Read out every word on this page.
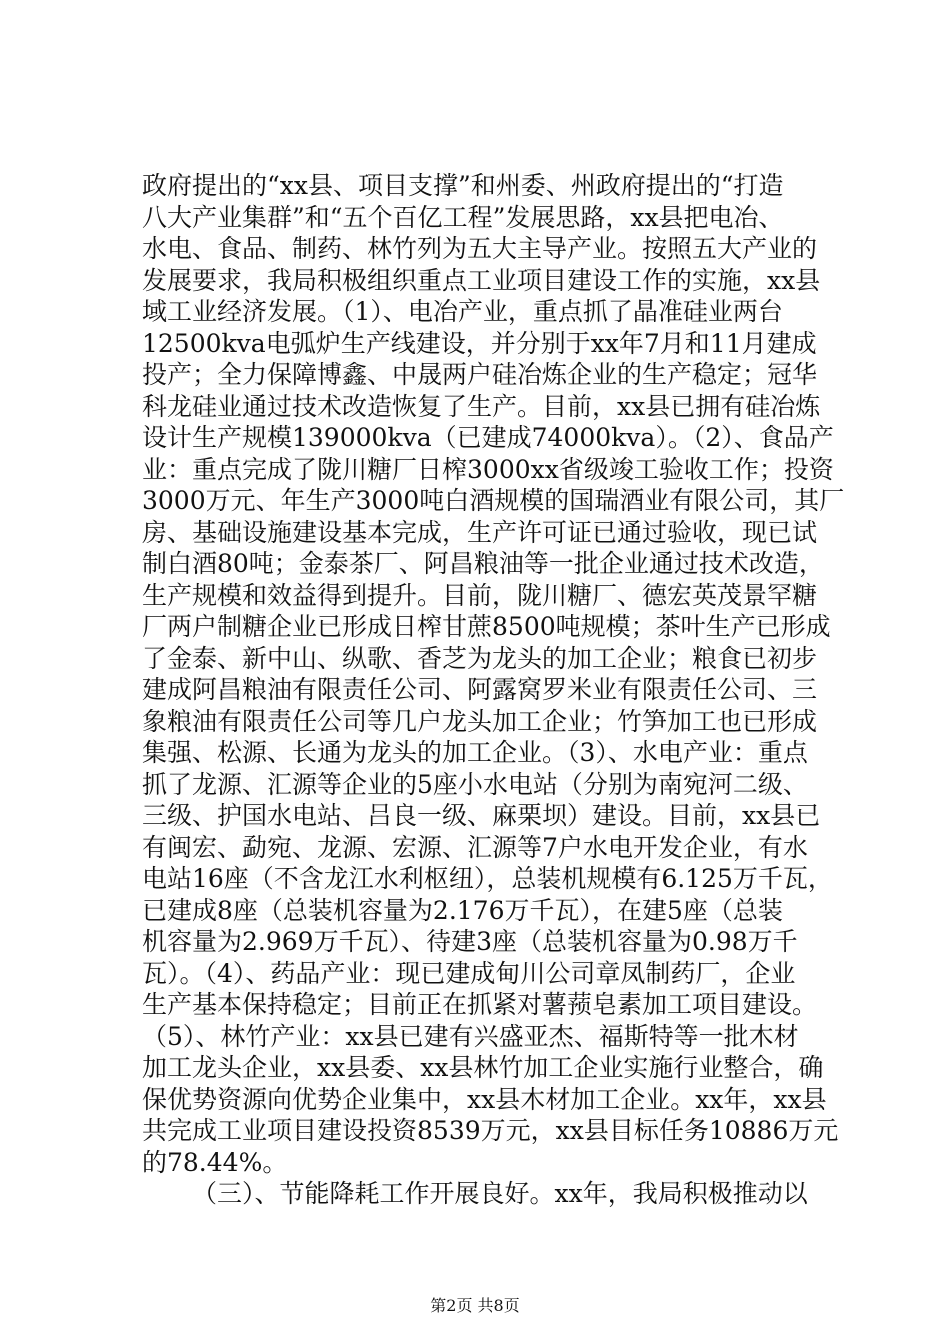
政府提出的“xx县、项目支撑”和州委、州政府提出的“打造
八大产业集群”和“五个百亿工程”发展思路，xx县把电冶、
水电、食品、制药、林竹列为五大主导产业。按照五大产业的
发展要求，我局积极组织重点工业项目建设工作的实施，xx县
域工业经济发展。（1）、电冶产业，重点抓了晶准硅业两台
12500kva电弧炉生产线建设，并分别于xx年7月和11月建成
投产；全力保障博鑫、中晟两户硅冶炼企业的生产稳定；冠华
科龙硅业通过技术改造恢复了生产。目前，xx县已拥有硅冶炼
设计生产规模139000kva（已建成74000kva）。（2）、食品产
业：重点完成了陇川糖厂日榨3000xx省级竣工验收工作；投资
3000万元、年生产3000吨白酒规模的国瑞酒业有限公司，其厂
房、基础设施建设基本完成，生产许可证已通过验收，现已试
制白酒80吨；金泰茶厂、阿昌粮油等一批企业通过技术改造，
生产规模和效益得到提升。目前，陇川糖厂、德宏英茂景罕糖
厂两户制糖企业已形成日榨甘蔗8500吨规模；茶叶生产已形成
了金泰、新中山、纵歌、香芝为龙头的加工企业；粮食已初步
建成阿昌粮油有限责任公司、阿露窝罗米业有限责任公司、三
象粮油有限责任公司等几户龙头加工企业；竹笋加工也已形成
集强、松源、长通为龙头的加工企业。（3）、水电产业：重点
抓了龙源、汇源等企业的5座小水电站（分别为南宛河二级、
三级、护国水电站、吕良一级、麻栗坝）建设。目前，xx县已
有闽宏、勐宛、龙源、宏源、汇源等7户水电开发企业，有水
电站16座（不含龙江水利枢纽），总装机规模有6.125万千瓦，
已建成8座（总装机容量为2.176万千瓦），在建5座（总装
机容量为2.969万千瓦）、待建3座（总装机容量为0.98万千
瓦）。（4）、药品产业：现已建成甸川公司章凤制药厂，企业
生产基本保持稳定；目前正在抓紧对薯蓣皂素加工项目建设。
（5）、林竹产业：xx县已建有兴盛亚杰、福斯特等一批木材
加工龙头企业，xx县委、xx县林竹加工企业实施行业整合，确
保优势资源向优势企业集中，xx县木材加工企业。xx年，xx县
共完成工业项目建设投资8539万元，xx县目标任务10886万元
的78.44%。
（三）、节能降耗工作开展良好。xx年，我局积极推动以
第2页 共8页
